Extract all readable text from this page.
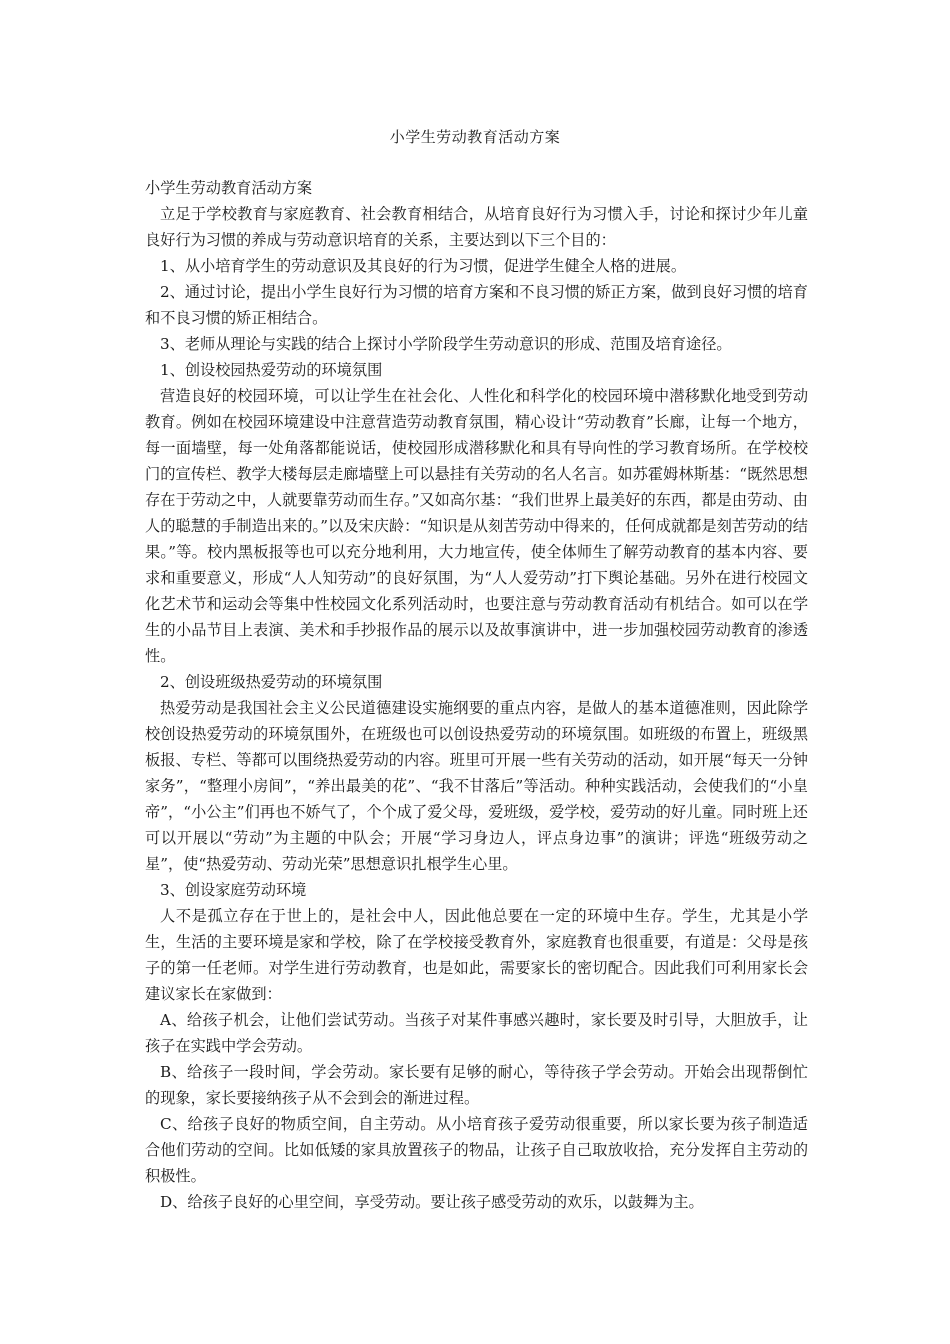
小学生劳动教育活动方案

小学生劳动教育活动方案

立足于学校教育与家庭教育、社会教育相结合，从培育良好行为习惯入手，讨论和探讨少年儿童良好行为习惯的养成与劳动意识培育的关系，主要达到以下三个目的：

1、从小培育学生的劳动意识及其良好的行为习惯，促进学生健全人格的进展。

2、通过讨论，提出小学生良好行为习惯的培育方案和不良习惯的矫正方案，做到良好习惯的培育和不良习惯的矫正相结合。

3、老师从理论与实践的结合上探讨小学阶段学生劳动意识的形成、范围及培育途径。

1、创设校园热爱劳动的环境氛围

营造良好的校园环境，可以让学生在社会化、人性化和科学化的校园环境中潜移默化地受到劳动教育。例如在校园环境建设中注意营造劳动教育氛围，精心设计“劳动教育”长廊，让每一个地方，每一面墙壁，每一处角落都能说话，使校园形成潜移默化和具有导向性的学习教育场所。在学校校门的宣传栏、教学大楼每层走廊墙壁上可以悬挂有关劳动的名人名言。如苏霍姆林斯基：“既然思想存在于劳动之中，人就要靠劳动而生存。”又如高尔基：“我们世界上最美好的东西，都是由劳动、由人的聪慧的手制造出来的。”以及宋庆龄：“知识是从刻苦劳动中得来的，任何成就都是刻苦劳动的结果。”等。校内黑板报等也可以充分地利用，大力地宣传，使全体师生了解劳动教育的基本内容、要求和重要意义，形成“人人知劳动”的良好氛围，为“人人爱劳动”打下舆论基础。另外在进行校园文化艺术节和运动会等集中性校园文化系列活动时，也要注意与劳动教育活动有机结合。如可以在学生的小品节目上表演、美术和手抄报作品的展示以及故事演讲中，进一步加强校园劳动教育的渗透性。

2、创设班级热爱劳动的环境氛围

热爱劳动是我国社会主义公民道德建设实施纲要的重点内容，是做人的基本道德准则，因此除学校创设热爱劳动的环境氛围外，在班级也可以创设热爱劳动的环境氛围。如班级的布置上，班级黑板报、专栏、等都可以围绕热爱劳动的内容。班里可开展一些有关劳动的活动，如开展“每天一分钟家务”，“整理小房间”，“养出最美的花”、“我不甘落后”等活动。种种实践活动，会使我们的“小皇帝”，“小公主”们再也不娇气了，个个成了爱父母，爱班级，爱学校，爱劳动的好儿童。同时班上还可以开展以“劳动”为主题的中队会；开展“学习身边人，评点身边事”的演讲；评选“班级劳动之星”，使“热爱劳动、劳动光荣”思想意识扎根学生心里。

3、创设家庭劳动环境

人不是孤立存在于世上的，是社会中人，因此他总要在一定的环境中生存。学生，尤其是小学生，生活的主要环境是家和学校，除了在学校接受教育外，家庭教育也很重要，有道是：父母是孩子的第一任老师。对学生进行劳动教育，也是如此，需要家长的密切配合。因此我们可利用家长会建议家长在家做到：

A、给孩子机会，让他们尝试劳动。当孩子对某件事感兴趣时，家长要及时引导，大胆放手，让孩子在实践中学会劳动。

B、给孩子一段时间，学会劳动。家长要有足够的耐心，等待孩子学会劳动。开始会出现帮倒忙的现象，家长要接纳孩子从不会到会的渐进过程。

C、给孩子良好的物质空间，自主劳动。从小培育孩子爱劳动很重要，所以家长要为孩子制造适合他们劳动的空间。比如低矮的家具放置孩子的物品，让孩子自己取放收拾，充分发挥自主劳动的积极性。

D、给孩子良好的心里空间，享受劳动。要让孩子感受劳动的欢乐，以鼓舞为主。
